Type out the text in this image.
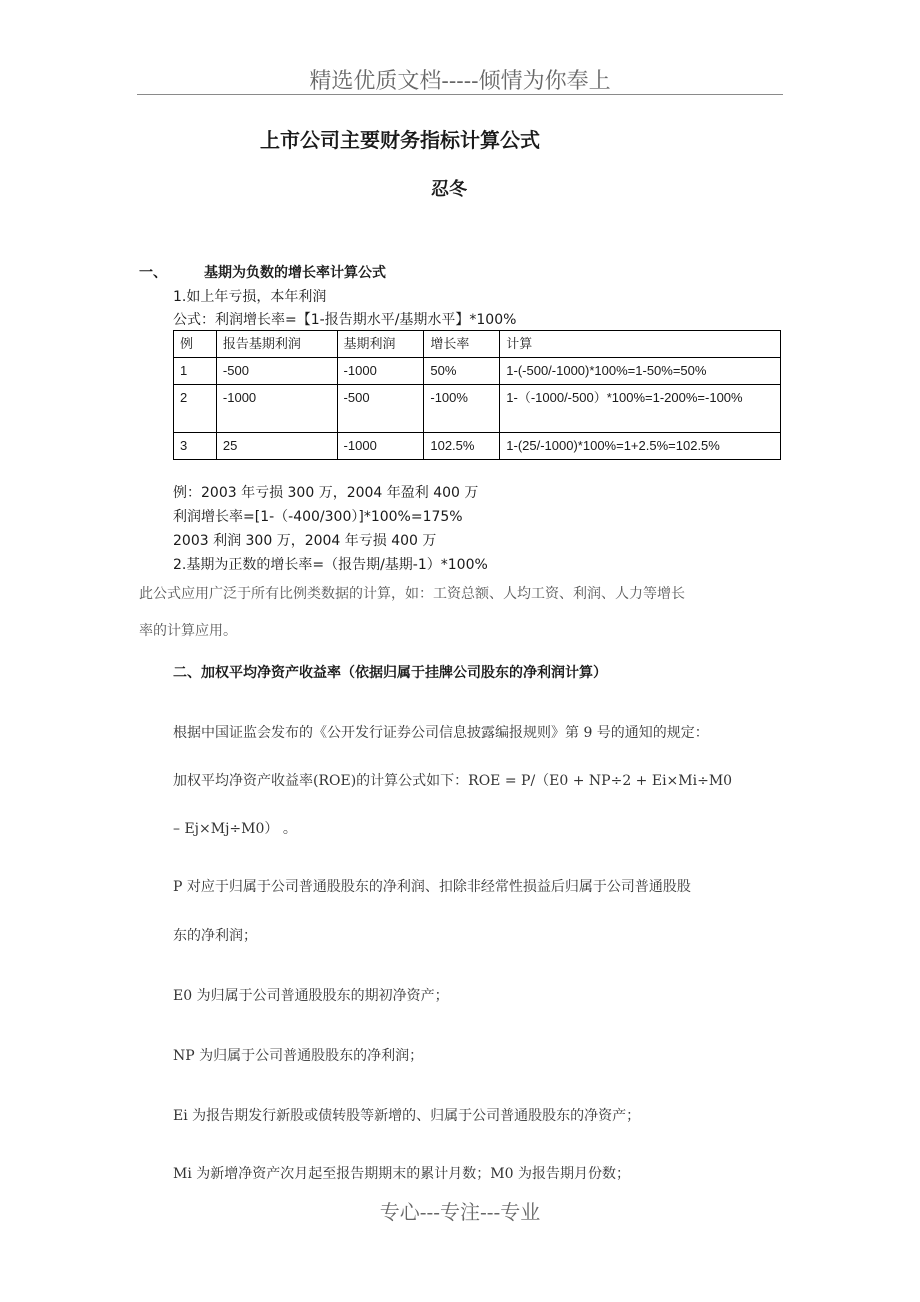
精选优质文档-----倾情为你奉上
上市公司主要财务指标计算公式
忍冬
一、	基期为负数的增长率计算公式
1.如上年亏损，本年利润
公式：利润增长率=【1-报告期水平/基期水平】*100%
例	报告基期利润	基期利润	增长率	计算
1	-500	-1000	50%	1-(-500/-1000)*100%=1-50%=50%
2	-1000	-500	-100%	1-（-1000/-500）*100%=1-200%=-100%
3	25	-1000	102.5%	1-(25/-1000)*100%=1+2.5%=102.5%
例：2003 年亏损 300 万，2004 年盈利 400 万
利润增长率=[1-（-400/300）]*100%=175%
2003 利润 300 万，2004 年亏损 400 万
2.基期为正数的增长率=（报告期/基期-1）*100%
此公式应用广泛于所有比例类数据的计算，如：工资总额、人均工资、利润、人力等增长
率的计算应用。
二、加权平均净资产收益率（依据归属于挂牌公司股东的净利润计算）
根据中国证监会发布的《公开发行证券公司信息披露编报规则》第 9 号的通知的规定：
加权平均净资产收益率(ROE)的计算公式如下：ROE = P/（E0 + NP÷2 + Ei×Mi÷M0
– Ej×Mj÷M0） 。
P 对应于归属于公司普通股股东的净利润、扣除非经常性损益后归属于公司普通股股
东的净利润；
E0 为归属于公司普通股股东的期初净资产；
NP 为归属于公司普通股股东的净利润；
Ei 为报告期发行新股或债转股等新增的、归属于公司普通股股东的净资产；
Mi 为新增净资产次月起至报告期期末的累计月数；M0 为报告期月份数；
专心---专注---专业
